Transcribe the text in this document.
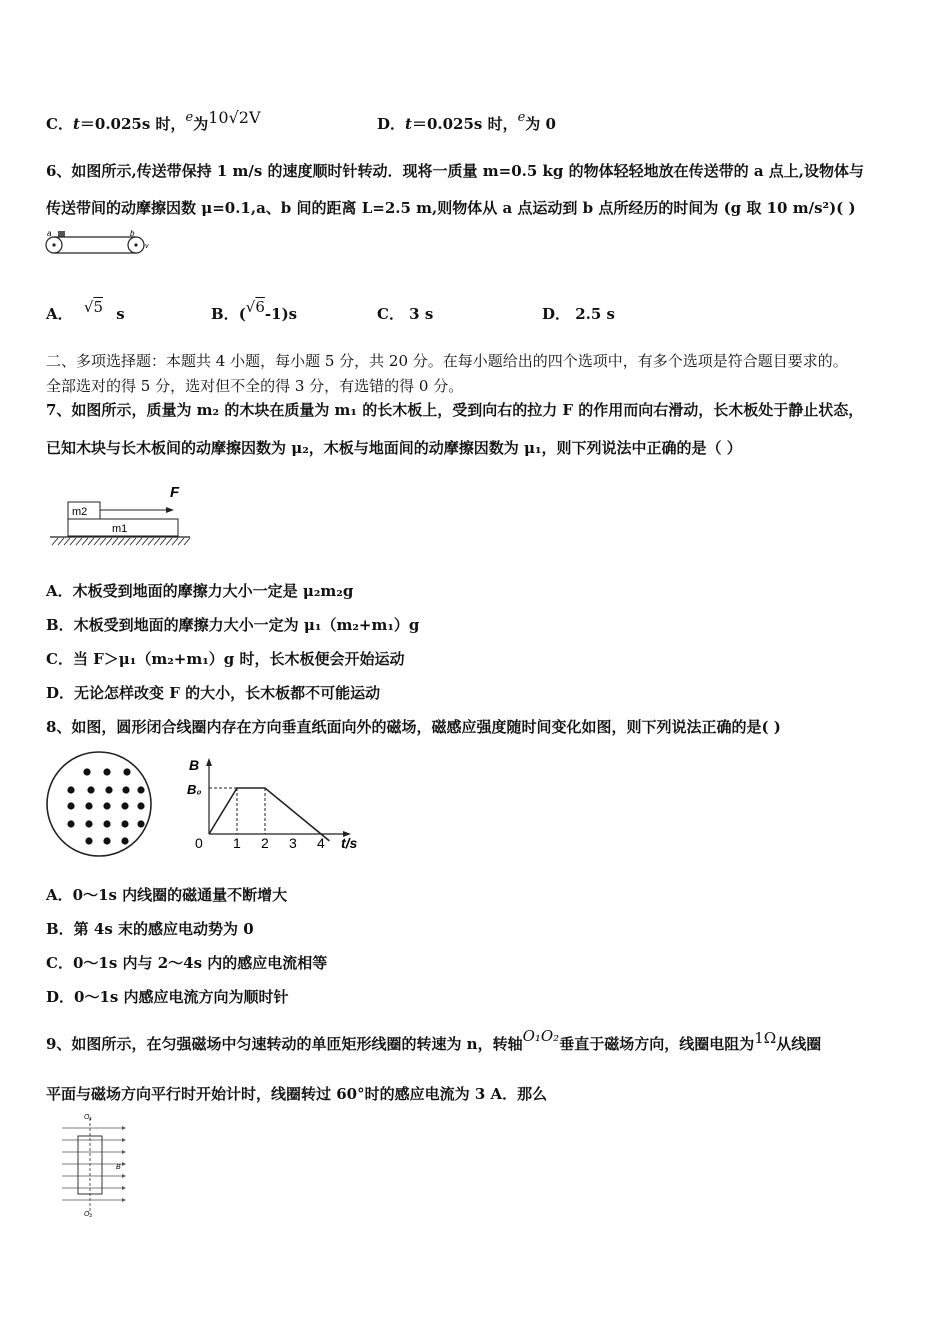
C．t＝0.025s 时，e为10√2V	D．t＝0.025s 时，e为 0
6、如图所示,传送带保持 1 m/s 的速度顺时针转动．现将一质量 m=0.5 kg 的物体轻轻地放在传送带的 a 点上,设物体与
传送带间的动摩擦因数 μ=0.1,a、b 间的距离 L=2.5 m,则物体从 a 点运动到 b 点所经历的时间为 (g 取 10 m/s²)( )
a	b
v
A． √5 s	B．(√6-1)s	C． 3 s	D． 2.5 s
二、多项选择题：本题共 4 小题，每小题 5 分，共 20 分。在每小题给出的四个选项中，有多个选项是符合题目要求的。
全部选对的得 5 分，选对但不全的得 3 分，有选错的得 0 分。
7、如图所示，质量为 m₂ 的木块在质量为 m₁ 的长木板上，受到向右的拉力 F 的作用而向右滑动，长木板处于静止状态，
已知木块与长木板间的动摩擦因数为 μ₂，木板与地面间的动摩擦因数为 μ₁，则下列说法中正确的是（ ）
m2
F
m1
A．木板受到地面的摩擦力大小一定是 μ₂m₂g
B．木板受到地面的摩擦力大小一定为 μ₁（m₂+m₁）g
C．当 F＞μ₁（m₂+m₁）g 时，长木板便会开始运动
D．无论怎样改变 F 的大小，长木板都不可能运动
8、如图，圆形闭合线圈内存在方向垂直纸面向外的磁场，磁感应强度随时间变化如图，则下列说法正确的是( )
B
B₀
0	t/s
1 2 3 4
A．0～1s 内线圈的磁通量不断增大
B．第 4s 末的感应电动势为 0
C．0～1s 内与 2～4s 内的感应电流相等
D．0～1s 内感应电流方向为顺时针
9、如图所示，在匀强磁场中匀速转动的单匝矩形线圈的转速为 n，转轴O₁O₂垂直于磁场方向，线圈电阻为1Ω从线圈
平面与磁场方向平行时开始计时，线圈转过 60°时的感应电流为 3 A．那么
O₁
O₂
B
